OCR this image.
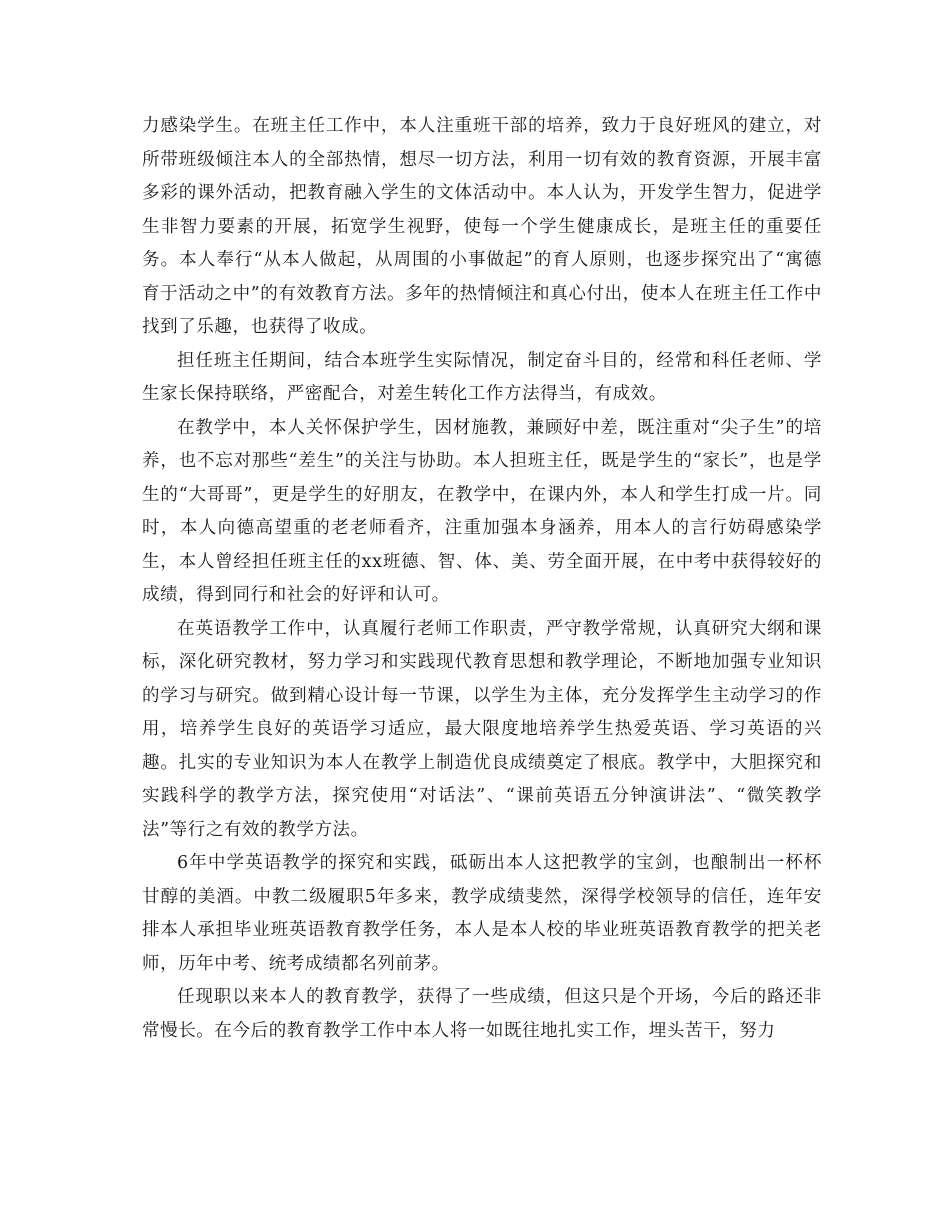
力感染学生。在班主任工作中，本人注重班干部的培养，致力于良好班风的建立，对所带班级倾注本人的全部热情，想尽一切方法，利用一切有效的教育资源，开展丰富多彩的课外活动，把教育融入学生的文体活动中。本人认为，开发学生智力，促进学生非智力要素的开展，拓宽学生视野，使每一个学生健康成长，是班主任的重要任务。本人奉行“从本人做起，从周围的小事做起”的育人原则，也逐步探究出了“寓德育于活动之中”的有效教育方法。多年的热情倾注和真心付出，使本人在班主任工作中找到了乐趣，也获得了收成。

担任班主任期间，结合本班学生实际情况，制定奋斗目的，经常和科任老师、学生家长保持联络，严密配合，对差生转化工作方法得当，有成效。

在教学中，本人关怀保护学生，因材施教，兼顾好中差，既注重对“尖子生”的培养，也不忘对那些“差生”的关注与协助。本人担班主任，既是学生的“家长”，也是学生的“大哥哥”，更是学生的好朋友，在教学中，在课内外，本人和学生打成一片。同时，本人向德高望重的老老师看齐，注重加强本身涵养，用本人的言行妨碍感染学生，本人曾经担任班主任的xx班德、智、体、美、劳全面开展，在中考中获得较好的成绩，得到同行和社会的好评和认可。

在英语教学工作中，认真履行老师工作职责，严守教学常规，认真研究大纲和课标，深化研究教材，努力学习和实践现代教育思想和教学理论，不断地加强专业知识的学习与研究。做到精心设计每一节课，以学生为主体，充分发挥学生主动学习的作用，培养学生良好的英语学习适应，最大限度地培养学生热爱英语、学习英语的兴趣。扎实的专业知识为本人在教学上制造优良成绩奠定了根底。教学中，大胆探究和实践科学的教学方法，探究使用“对话法”、“课前英语五分钟演讲法”、“微笑教学法”等行之有效的教学方法。

6年中学英语教学的探究和实践，砥砺出本人这把教学的宝剑，也酿制出一杯杯甘醇的美酒。中教二级履职5年多来，教学成绩斐然，深得学校领导的信任，连年安排本人承担毕业班英语教育教学任务，本人是本人校的毕业班英语教育教学的把关老师，历年中考、统考成绩都名列前茅。

任现职以来本人的教育教学，获得了一些成绩，但这只是个开场，今后的路还非常慢长。在今后的教育教学工作中本人将一如既往地扎实工作，埋头苦干，努力
